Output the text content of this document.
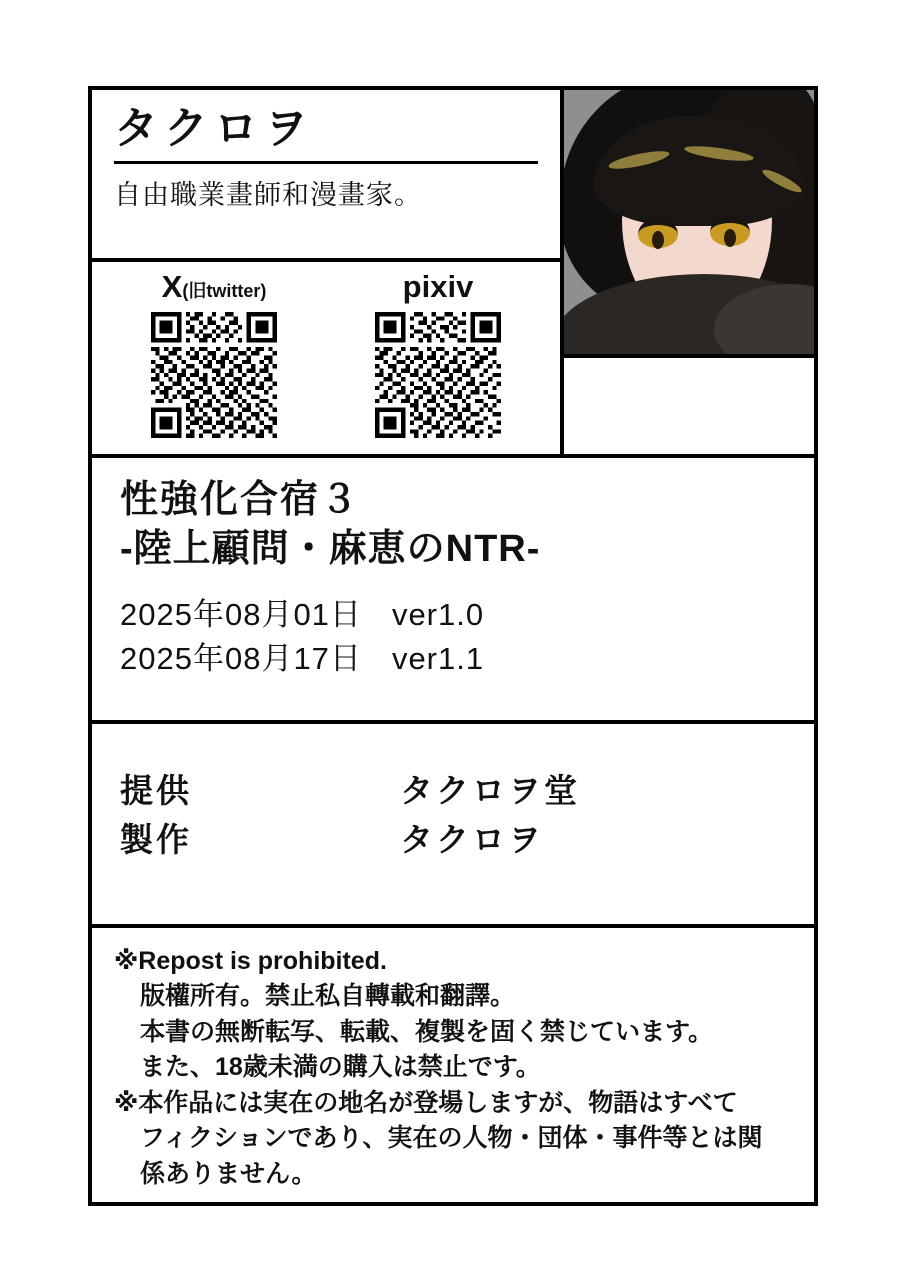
タクロヲ
自由職業畫師和漫畫家。
X(旧twitter)	pixiv
性強化合宿３
-陸上顧問・麻恵のNTR-
2025年08月01日 ver1.0
2025年08月17日 ver1.1
提供	タクロヲ堂
製作	タクロヲ
※Repost is prohibited.
版權所有。禁止私自轉載和翻譯。
本書の無断転写、転載、複製を固く禁じています。
また、18歳未満の購入は禁止です。
※本作品には実在の地名が登場しますが、物語はすべて
フィクションであり、実在の人物・団体・事件等とは関
係ありません。
